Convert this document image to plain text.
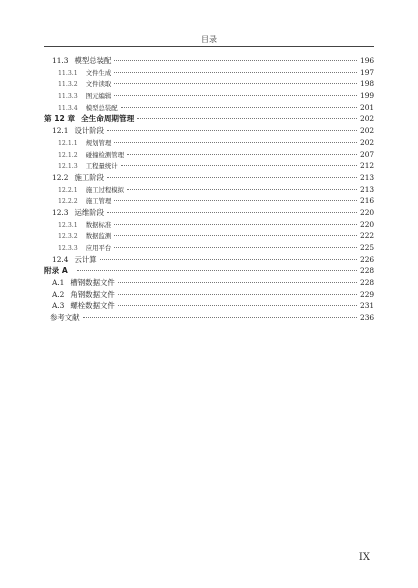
目录
11.3 模型总装配	196
11.3.1 文件生成	197
11.3.2 文件读取	198
11.3.3 图元编辑	199
11.3.4 模型总装配	201
第 12 章 全生命周期管理	202
12.1 设计阶段	202
12.1.1 规划管理	202
12.1.2 碰撞检测管理	207
12.1.3 工程量统计	212
12.2 施工阶段	213
12.2.1 施工过程模拟	213
12.2.2 施工管理	216
12.3 运维阶段	220
12.3.1 数据标准	220
12.3.2 数据监测	222
12.3.3 应用平台	225
12.4 云计算	226
附录 A	228
A.1 槽钢数据文件	228
A.2 角钢数据文件	229
A.3 螺栓数据文件	231
参考文献	236
IX
